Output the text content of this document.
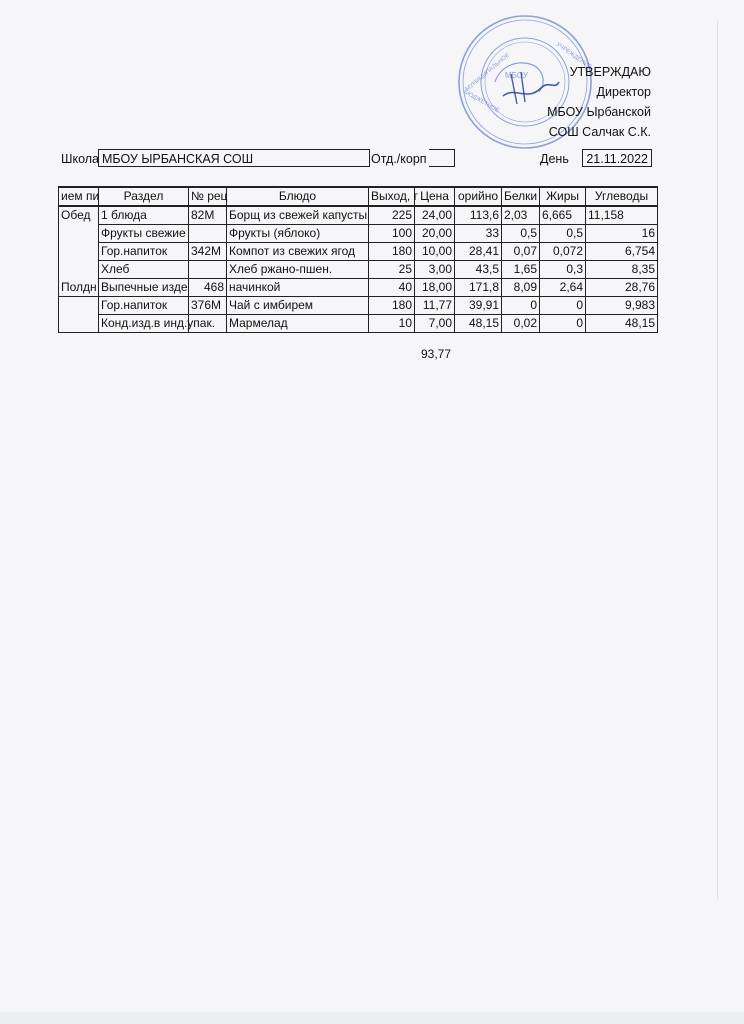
МУНИЦИПАЛЬНОЕ
БЮДЖЕТНОЕ
УЧРЕЖДЕНИЕ
МБОУ	УТВЕРЖДАЮ
Директор
МБОУ Ырбанской
СОШ Салчак С.К.
Школа МБОУ ЫРБАНСКАЯ СОШ	Отд./корп	День	21.11.2022
ием пи	Раздел	№ рец	Блюдо	Выход, г	Цена	орийно	Белки	Жиры	Углеводы
Обед	1 блюда	82М	Борщ из свежей капусты	225	24,00	113,6	2,03	6,665	11,158
	Фрукты свежие		Фрукты (яблоко)	100	20,00	33	0,5	0,5	16
	Гор.напиток	342М	Компот из свежих ягод	180	10,00	28,41	0,07	0,072	6,754
	Хлеб		Хлеб ржано-пшен.	25	3,00	43,5	1,65	0,3	8,35
Полдн	Выпечные изде	468	начинкой	40	18,00	171,8	8,09	2,64	28,76
	Гор.напиток	376М	Чай с имбирем	180	11,77	39,91	0	0	9,983
	Конд.изд.в инд.упак.		Мармелад	10	7,00	48,15	0,02	0	48,15
93,77
